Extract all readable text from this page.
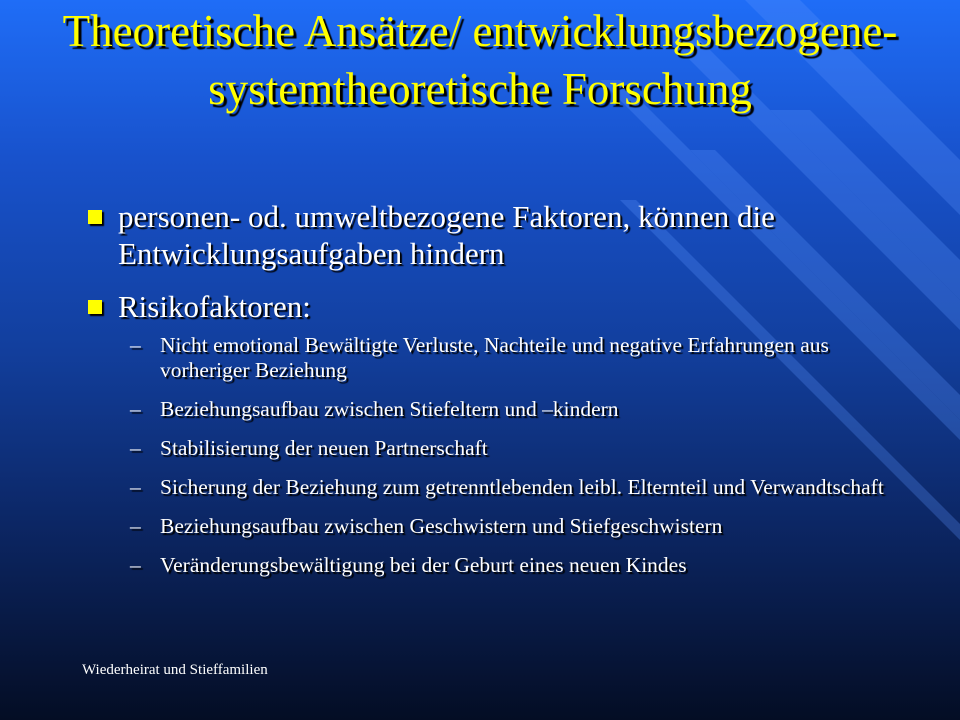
Theoretische Ansätze/ entwicklungsbezogene-systemtheoretische Forschung
personen- od. umweltbezogene Faktoren, können die Entwicklungsaufgaben hindern
Risikofaktoren:
– Nicht emotional Bewältigte Verluste, Nachteile und negative Erfahrungen aus vorheriger Beziehung
– Beziehungsaufbau zwischen Stiefeltern und –kindern
– Stabilisierung der neuen Partnerschaft
– Sicherung der Beziehung zum getrenntlebenden leibl. Elternteil und Verwandtschaft
– Beziehungsaufbau zwischen Geschwistern und Stiefgeschwistern
– Veränderungsbewältigung bei der Geburt eines neuen Kindes
Wiederheirat und Stieffamilien
